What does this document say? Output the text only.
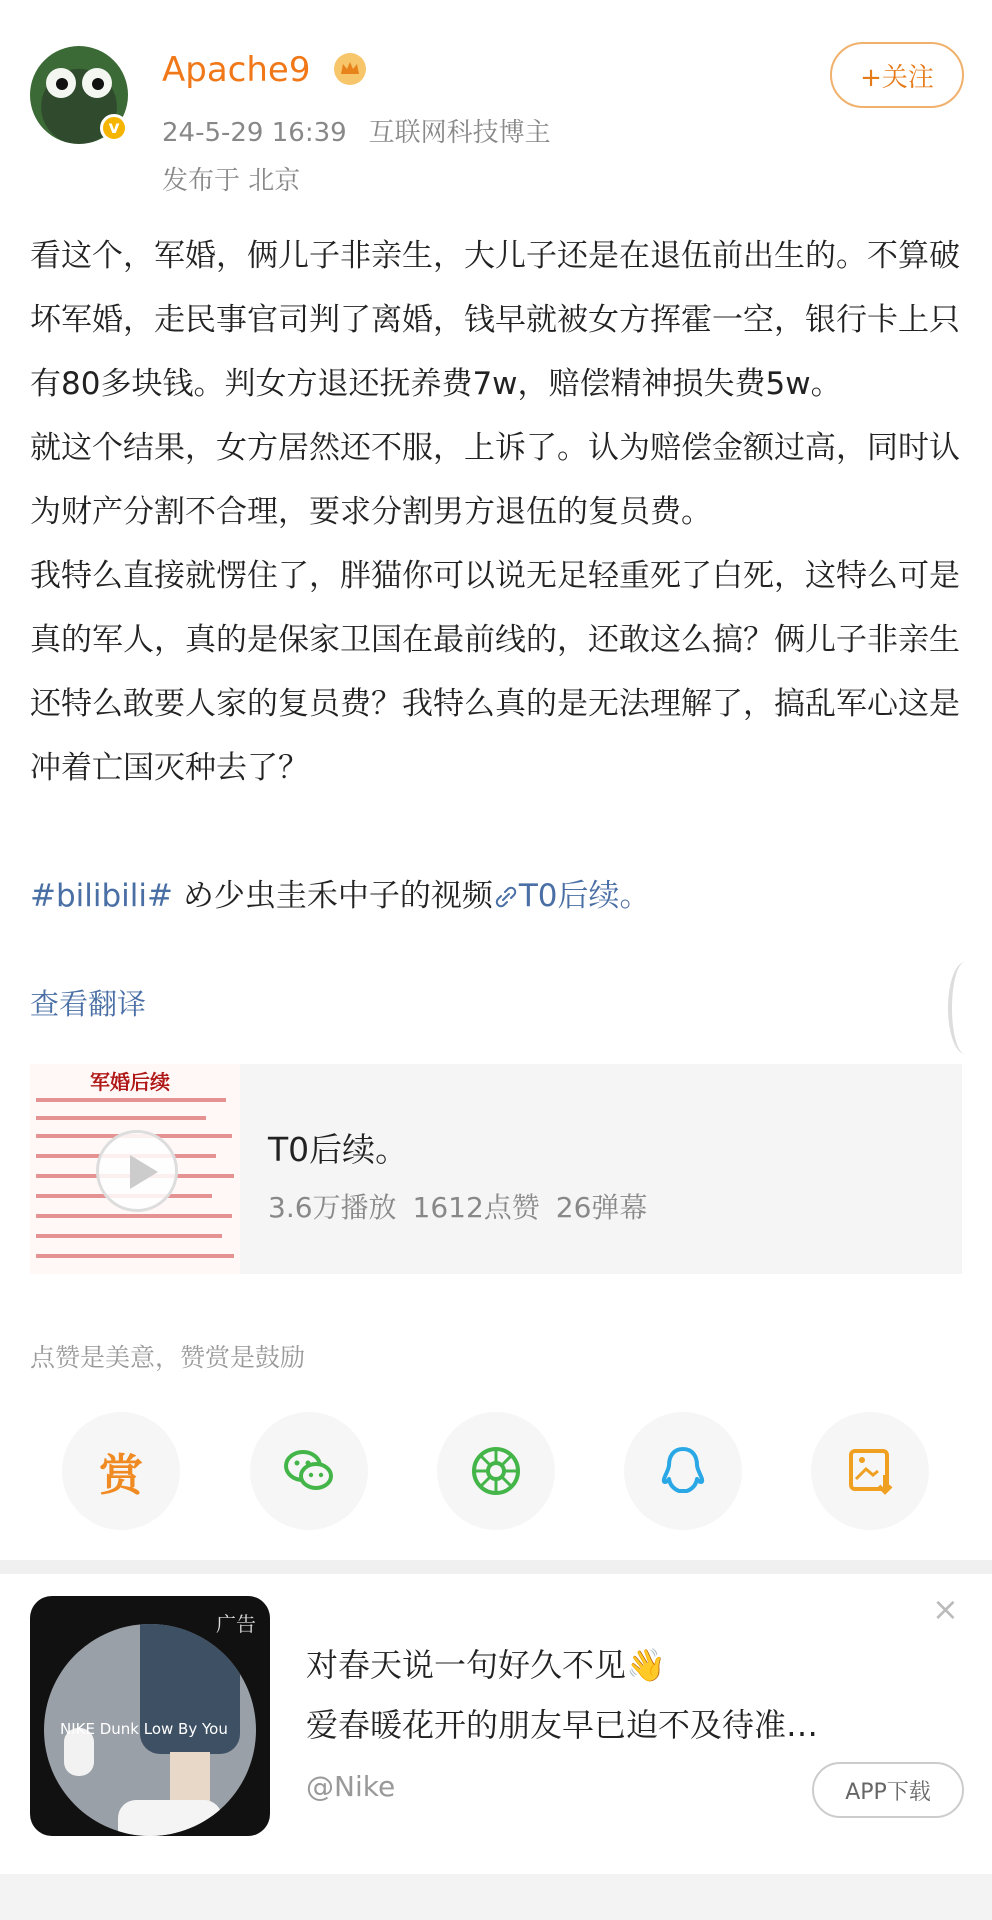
v
Apache9
24-5-29 16:39 互联网科技博主
发布于 北京
+关注

看这个，军婚，俩儿子非亲生，大儿子还是在退伍前出生的。不算破坏军婚，走民事官司判了离婚，钱早就被女方挥霍一空，银行卡上只有80多块钱。判女方退还抚养费7w，赔偿精神损失费5w。

就这个结果，女方居然还不服，上诉了。认为赔偿金额过高，同时认为财产分割不合理，要求分割男方退伍的复员费。

我特么直接就愣住了，胖猫你可以说无足轻重死了白死，这特么可是真的军人，真的是保家卫国在最前线的，还敢这么搞？俩儿子非亲生还特么敢要人家的复员费？我特么真的是无法理解了，搞乱军心这是冲着亡国灭种去了？

#bilibili# め少虫圭禾中子的视频 T0后续。

查看翻译
军婚后续
T0后续。
3.6万播放 1612点赞 26弹幕
点赞是美意，赞赏是鼓励
赏
NIKE Dunk Low By You
广告	×
对春天说一句好久不见👋
爱春暖花开的朋友早已迫不及待准…
@Nike	APP下载
